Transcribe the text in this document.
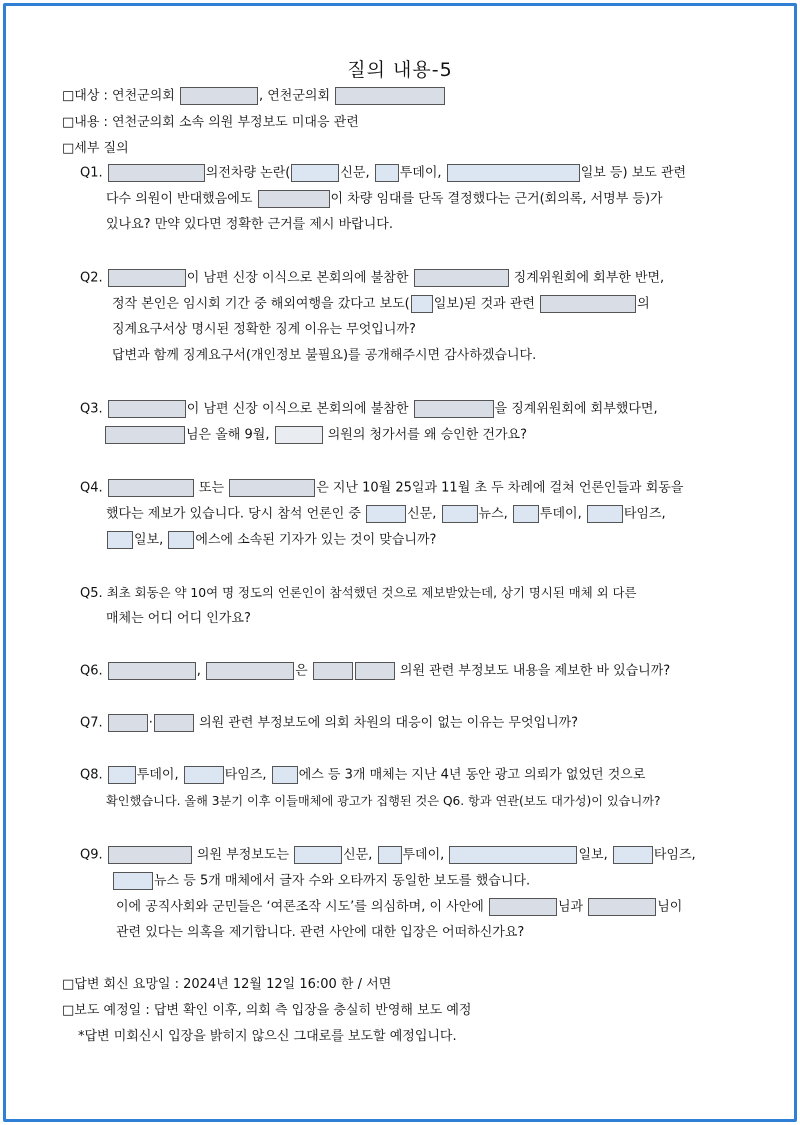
질의 내용-5
□대상 : 연천군의회	, 연천군의회
□내용 : 연천군의회 소속 의원 부정보도 미대응 관련
□세부 질의
Q1.	의전차량 논란(	신문, 투데이,	일보 등) 보도 관련
다수 의원이 반대했음에도	이 차량 임대를 단독 결정했다는 근거(회의록, 서명부 등)가
있나요? 만약 있다면 정확한 근거를 제시 바랍니다.
Q2.	이 남편 신장 이식으로 본회의에 불참한	징계위원회에 회부한 반면,
정작 본인은 임시회 기간 중 해외여행을 갔다고 보도( 일보)된 것과 관련	의
징계요구서상 명시된 정확한 징계 이유는 무엇입니까?
답변과 함께 징계요구서(개인정보 불필요)를 공개해주시면 감사하겠습니다.
Q3.	이 남편 신장 이식으로 본회의에 불참한	을 징계위원회에 회부했다면,
님은 올해 9월,	의원의 청가서를 왜 승인한 건가요?
Q4.	또는	은 지난 10월 25일과 11월 초 두 차례에 걸쳐 언론인들과 회동을
했다는 제보가 있습니다. 당시 참석 언론인 중	신문,	뉴스, 투데이,	타임즈,
일보, 에스에 소속된 기자가 있는 것이 맞습니까?
Q5. 최초 회동은 약 10여 명 정도의 언론인이 참석했던 것으로 제보받았는데, 상기 명시된 매체 외 다른
매체는 어디 어디 인가요?
Q6.	,	은	의원 관련 부정보도 내용을 제보한 바 있습니까?
Q7.	·	의원 관련 부정보도에 의회 차원의 대응이 없는 이유는 무엇입니까?
Q8.	투데이,	타임즈, 에스 등 3개 매체는 지난 4년 동안 광고 의뢰가 없었던 것으로
확인했습니다. 올해 3분기 이후 이들매체에 광고가 집행된 것은 Q6. 항과 연관(보도 대가성)이 있습니까?
Q9.	의원 부정보도는	신문, 투데이,	일보,	타임즈,
뉴스 등 5개 매체에서 글자 수와 오타까지 동일한 보도를 했습니다.
이에 공직사회와 군민들은 ‘여론조작 시도’를 의심하며, 이 사안에	님과	님이
관련 있다는 의혹을 제기합니다. 관련 사안에 대한 입장은 어떠하신가요?
□답변 회신 요망일 : 2024년 12월 12일 16:00 한 / 서면
□보도 예정일 : 답변 확인 이후, 의회 측 입장을 충실히 반영해 보도 예정
*답변 미회신시 입장을 밝히지 않으신 그대로를 보도할 예정입니다.
